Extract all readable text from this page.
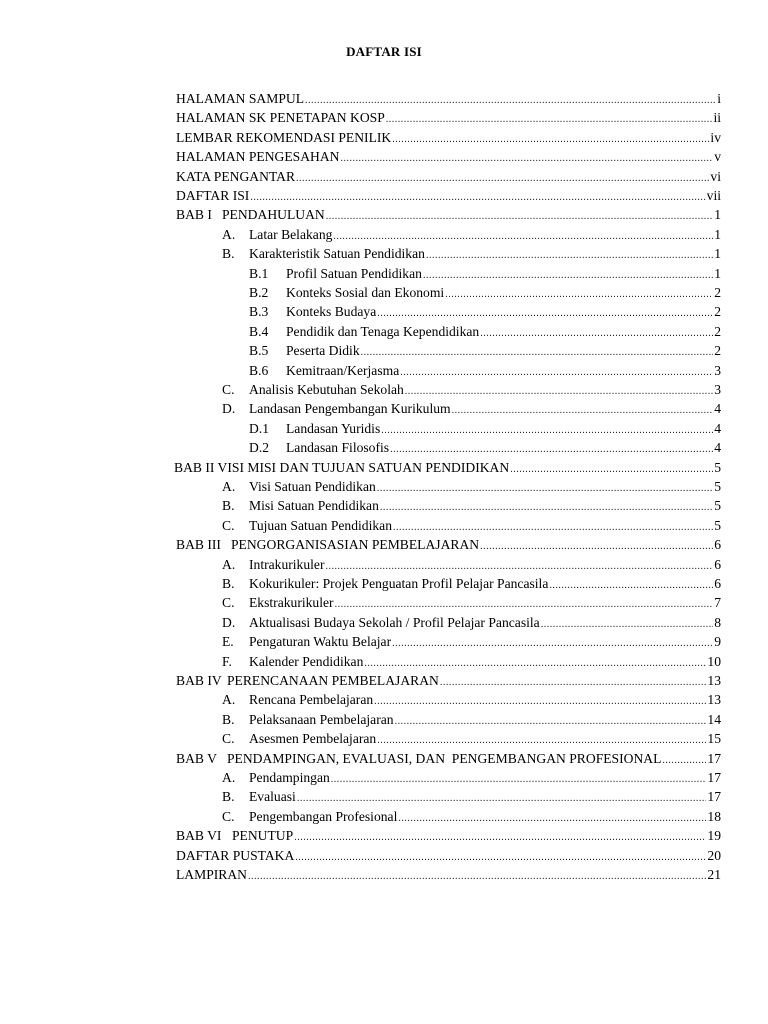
DAFTAR ISI
HALAMAN SAMPUL .....	i
HALAMAN SK PENETAPAN KOSP .....	ii
LEMBAR REKOMENDASI PENILIK .....	iv
HALAMAN PENGESAHAN .....	v
KATA PENGANTAR .....	vi
DAFTAR ISI .....	vii
BAB I PENDAHULUAN .....	1
A. Latar Belakang .....	1
B. Karakteristik Satuan Pendidikan .....	1
B.1 Profil Satuan Pendidikan .....	1
B.2 Konteks Sosial dan Ekonomi .....	2
B.3 Konteks Budaya .....	2
B.4 Pendidik dan Tenaga Kependidikan .....	2
B.5 Peserta Didik .....	2
B.6 Kemitraan/Kerjasma .....	3
C. Analisis Kebutuhan Sekolah .....	3
D. Landasan Pengembangan Kurikulum .....	4
D.1 Landasan Yuridis .....	4
D.2 Landasan Filosofis .....	4
BAB II VISI MISI DAN TUJUAN SATUAN PENDIDIKAN .....	5
A. Visi Satuan Pendidikan .....	5
B. Misi Satuan Pendidikan .....	5
C. Tujuan Satuan Pendidikan .....	5
BAB III PENGORGANISASIAN PEMBELAJARAN .....	6
A. Intrakurikuler .....	6
B. Kokurikuler: Projek Penguatan Profil Pelajar Pancasila .....	6
C. Ekstrakurikuler .....	7
D. Aktualisasi Budaya Sekolah / Profil Pelajar Pancasila .....	8
E. Pengaturan Waktu Belajar .....	9
F. Kalender Pendidikan .....	10
BAB IV PERENCANAAN PEMBELAJARAN .....	13
A. Rencana Pembelajaran .....	13
B. Pelaksanaan Pembelajaran .....	14
C. Asesmen Pembelajaran .....	15
BAB V PENDAMPINGAN, EVALUASI, DAN  PENGEMBANGAN PROFESIONAL .....	17
A. Pendampingan .....	17
B. Evaluasi .....	17
C. Pengembangan Profesional .....	18
BAB VI PENUTUP .....	19
DAFTAR PUSTAKA .....	20
LAMPIRAN .....	21
